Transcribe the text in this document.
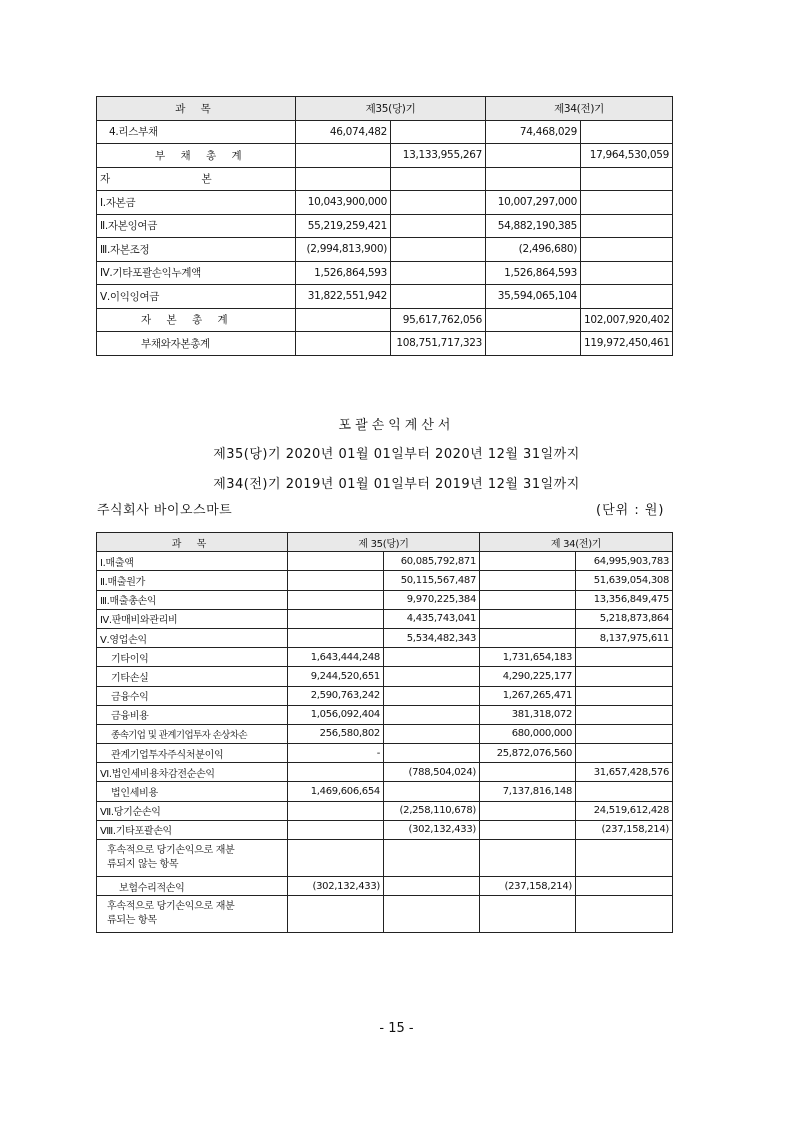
과 목	제35(당)기		제34(전)기	
4.리스부채	46,074,482		74,468,029	
부 채 총 계		13,133,955,267		17,964,530,059
자 본				
Ⅰ.자본금	10,043,900,000		10,007,297,000	
Ⅱ.자본잉여금	55,219,259,421		54,882,190,385	
Ⅲ.자본조정	(2,994,813,900)		(2,496,680)	
Ⅳ.기타포괄손익누계액	1,526,864,593		1,526,864,593	
Ⅴ.이익잉여금	31,822,551,942		35,594,065,104	
자 본 총 계		95,617,762,056		102,007,920,402
부채와자본총계		108,751,717,323		119,972,450,461
포괄손익계산서
제35(당)기 2020년 01월 01일부터 2020년 12월 31일까지
제34(전)기 2019년 01월 01일부터 2019년 12월 31일까지
주식회사 바이오스마트	(단위 : 원)
과 목	제 35(당)기		제 34(전)기	
Ⅰ.매출액		60,085,792,871		64,995,903,783
Ⅱ.매출원가		50,115,567,487		51,639,054,308
Ⅲ.매출총손익		9,970,225,384		13,356,849,475
Ⅳ.판매비와관리비		4,435,743,041		5,218,873,864
Ⅴ.영업손익		5,534,482,343		8,137,975,611
기타이익	1,643,444,248		1,731,654,183	
기타손실	9,244,520,651		4,290,225,177	
금융수익	2,590,763,242		1,267,265,471	
금융비용	1,056,092,404		381,318,072	
종속기업 및 관계기업투자 손상차손	256,580,802		680,000,000	
관계기업투자주식처분이익	-		25,872,076,560	
Ⅵ.법인세비용차감전순손익		(788,504,024)		31,657,428,576
법인세비용	1,469,606,654		7,137,816,148	
Ⅶ.당기순손익		(2,258,110,678)		24,519,612,428
Ⅷ.기타포괄손익		(302,132,433)		(237,158,214)
후속적으로 당기손익으로 재분류되지 않는 항목				
보험수리적손익	(302,132,433)		(237,158,214)	
후속적으로 당기손익으로 재분류되는 항목				
- 15 -
